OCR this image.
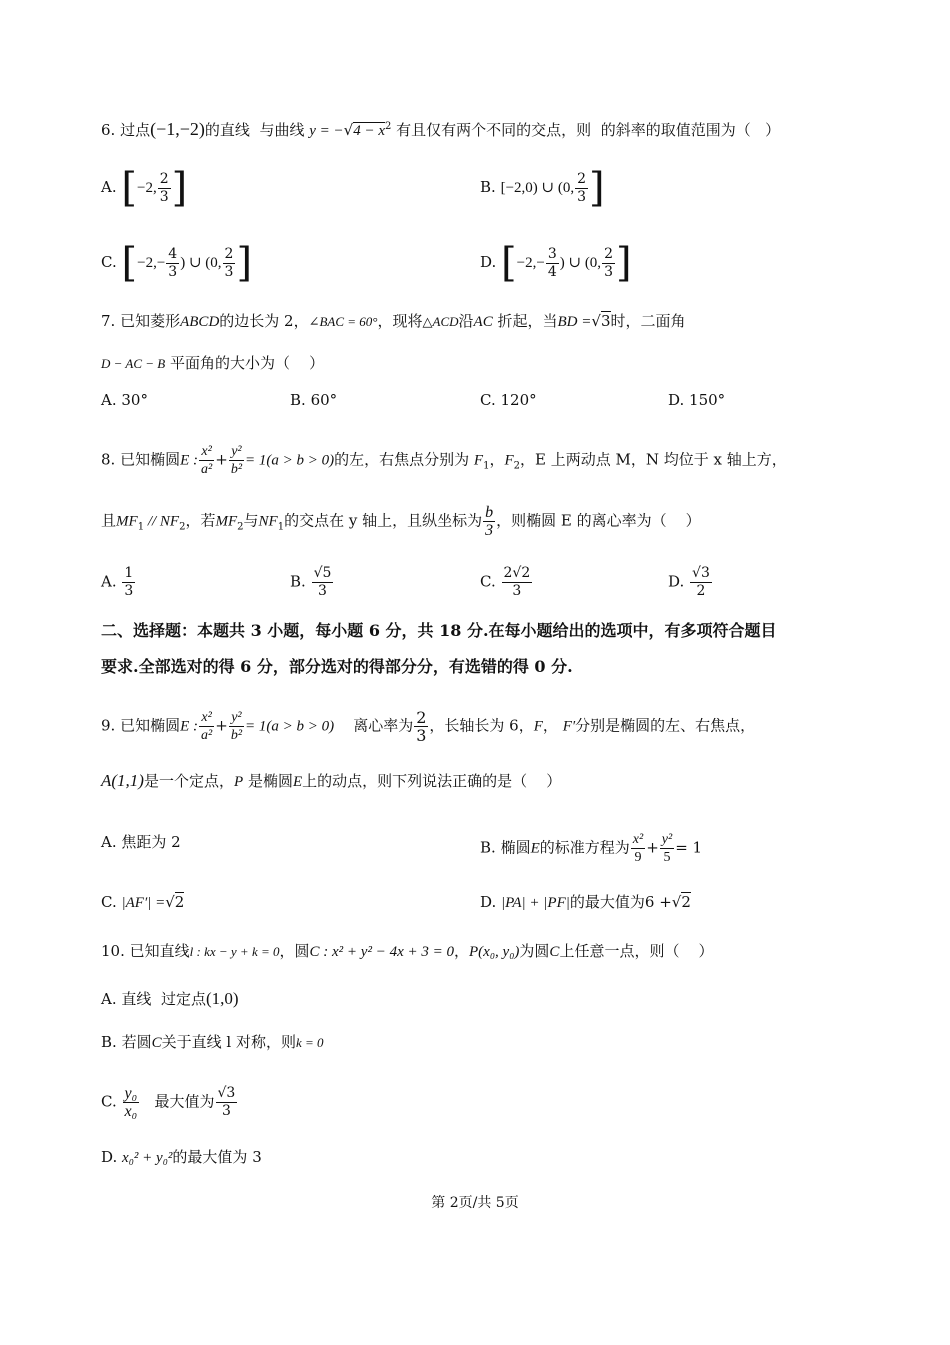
6. 过点(−1,−2)的直线 与曲线 $y = -√4 - x^2$ 有且仅有两个不同的交点，则 的斜率的取值范围为（ ）
A. [−2, $\frac{2}{3}$ ]	B. [−2,0) ∪ (0, $\frac{2}{3}$ ]
C. [$-2,- \frac{4}{3}$ ) ∪ (0, $\frac{2}{3}$ ]	D. [$-2,- \frac{3}{4}$ ) ∪ (0, $\frac{2}{3}$ ]
7. 已知菱形ABCD的边长为 2，∠BAC = 60°，现将△ACD沿AC 折起，当BD =√3时，二面角
D − AC − B 平面角的大小为（ ）
A. 30°	B. 60°	C. 120°	D. 150°
8. 已知椭圆E : $\frac{\text{x²}}{\text{a²}} + \frac{\text{y²}}{\text{b²}} = 1(a > b > 0)$的左，右焦点分别为 $F_1$，$F_2$，E 上两动点 M，N 均位于 x 轴上方，
且$MF_1 // NF_2$，若$MF_2$与$NF_1$的交点在 y 轴上，且纵坐标为 $\frac{b}{3}$ ，则椭圆 E 的离心率为（ ）
A. $\frac{1}{3}$	B. $\frac{√5}{3}$	C. $\frac{2√2}{3}$	D. $\frac{√3}{2}$
二、选择题：本题共 3 小题，每小题 6 分，共 18 分.在每小题给出的选项中，有多项符合题目
要求.全部选对的得 6 分，部分选对的得部分分，有选错的得 0 分.
9. 已知椭圆E : $\frac{\text{x²}}{\text{a²}} + \frac{\text{y²}}{\text{b²}} = 1(a > b > 0)$ 离心率为 $\frac{2}{3}$ ，长轴长为 6，F， F′分别是椭圆的左、右焦点，
A(1,1)是一个定点，P 是椭圆E上的动点，则下列说法正确的是（ ）
A. 焦距为 2	B. 椭圆E的标准方程为 $\frac{\text{x²}}{9} + \frac{\text{y²}}{5} = 1$
C. |AF′| =√2	D. |PA| + |PF|的最大值为6 +√2
10. 已知直线l : kx − y + k = 0，圆C : x² + y² − 4x + 3 = 0，P(x₀, y₀)为圆C上任意一点，则（ ）
A. 直线 过定点(1,0)
B. 若圆C关于直线 l 对称，则k = 0
C. $\frac{\text{y₀}}{\text{x₀}}$ 最大值为 $\frac{√3}{3}$
D. x₀² + y₀²的最大值为 3
第 2页/共 5页
